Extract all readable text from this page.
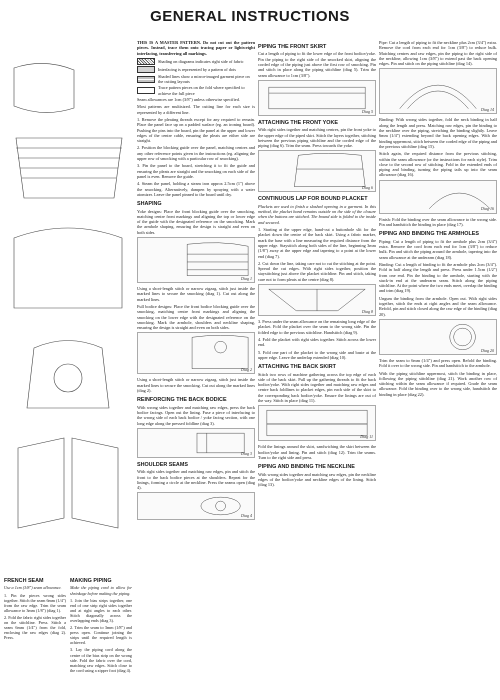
GENERAL INSTRUCTIONS

THIS IS A MASTER PATTERN. Do not cut out the pattern pieces. Instead, trace them onto tracing paper or lightweight interfacing, transferring all markings.

Shading on diagrams indicates right side of fabric
Interfacing is represented by a pattern of dots
Shaded lines show a mirror-imaged garment piece on the cutting layouts
Trace pattern pieces on the fold where specified to achieve the full piece

Seam allowances are 1cm (3/8") unless otherwise specified.

Most patterns are multisized. The cutting line for each size is represented by a different line.

1. Remove the pleating threads except for any required to remain. Place the panel face up on a padded surface (eg. an ironing board). Pushing the pins into the board, pin the panel at the upper and lower edges of the centre cable, ensuring the pleats are either side are straight.

2. Position the blocking guide over the panel, matching centres and any other reference points given in the instructions (eg. aligning the upper row of smocking with a particular row of smocking).

3. Pin the panel to the board, stretching it to fit the guide and ensuring the pleats are straight and the smocking on each side of the panel is even. Remove the guide.

4. Steam the panel, holding a steam iron approx 2.5cm (1") above the smocking. Alternatively, dampen by spraying with a water atomizer. Leave the panel pinned to the board until dry.

SHAPING

Yoke designs: Place the front blocking guide over the smocking, matching centre front markings and aligning the top or lower edge of the guide with the designated reference on the smocking. Mark the armhole shaping, ensuring the design is straight and even on both sides.

Diag 1

Using a short-length stitch or narrow zigzag, stitch just inside the marked lines to secure the smocking (diag 1). Cut out along the marked lines.

Full bodice designs: Place the front bodice blocking guide over the smocking, matching centre front markings and aligning the smocking on the lower edge with the designated reference on the smocking. Mark the armhole, shoulders and neckline shaping, ensuring the design is straight and even on both sides.

Diag 2

Using a short-length stitch or narrow zigzag, stitch just inside the marked lines to secure the smocking. Cut out along the marked lines (diag 2).

REINFORCING THE BACK BODICE

With wrong sides together and matching raw edges, press the back bodice facings. Open out the lining. Fuse a piece of interfacing to the wrong side of each back bodice / yoke facing section, with one long edge along the pressed foldline (diag 3).

Diag 3
SHOULDER SEAMS

With right sides together and matching raw edges, pin and stitch the front to the back bodice pieces at the shoulders. Repeat for the linings, forming a circle at the neckline. Press the seams open (diag 4).

Diag 4
PIPING THE FRONT SKIRT

Cut a length of piping to fit the lower edge of the front bodice/yoke. Pin the piping to the right side of the smocked skirt, aligning the corded edge of the piping just above the first row of smocking. Pin and stitch in place along the piping stitchline (diag 5). Trim the seam allowance to 1cm (3/8").

Diag 5
ATTACHING THE FRONT YOKE

With right sides together and matching centres, pin the front yoke to the upper edge of the piped skirt. Stitch the layers together, stitching between the previous piping stitchline and the corded edge of the piping (diag 6). Trim the seam. Press towards the yoke.

Diag 6
CONTINUOUS LAP FOR BOUND PLACKET

Plackets are used to finish a slashed opening in a garment. In this method, the placket band remains outside on the side of the closure when the buttons are stitched. The bound side is folded to the inside and secured.

1. Starting at the upper edge, hand-cut a buttonhole slit for the placket down the centre of the back skirt. Using a fabric marker, mark the base with a line measuring the required distance from the upper edge. Staystitch along both sides of the line, beginning 3mm (1/8") away at the upper edge and tapering to a point at the lower end (diag 7).

2. Cut down the line, taking care not to cut the stitching at the point. Spread the cut edges. With right sides together, position the staystitching just above the placket stitchline. Pin and stitch, taking care not to form pleats at the centre (diag 8).

Diag 8

3. Press under the seam allowance on the remaining long edge of the placket. Fold the placket over the seam to the wrong side. Pin the folded edge to the previous stitchline. Handstitch (diag 9).

4. Fold the placket with right sides together. Stitch across the lower end.

5. Fold one part of the placket to the wrong side and baste at the upper edge. Leave the underlap extended (diag 10).

ATTACHING THE BACK SKIRT

Stitch two rows of machine gathering across the top edge of each side of the back skirt. Pull up the gathering threads to fit the back bodice/yoke. With right sides together and matching raw edges and centre back foldlines to placket edges, pin each side of the skirt to the corresponding back bodice/yoke. Ensure the linings are out of the way. Stitch in place (diag 11).

Diag 11

Fold the linings around the skirt, sandwiching the skirt between the bodice/yoke and lining. Pin and stitch (diag 12). Trim the seams. Turn to the right side and press.

PIPING AND BINDING THE NECKLINE

With wrong sides together and matching raw edges, pin the neckline edges of the bodice/yoke and neckline edges of the lining. Stitch (diag 13).

Pipe: Cut a length of piping to fit the neckline plus 2cm (3/4") extra. Remove the cord from each end for 1cm (3/8") to reduce bulk. Matching centres and raw edges, pin the piping to the right side of the neckline, allowing 1cm (3/8") to extend past the back opening edges. Pin and stitch on the piping stitchline (diag 14).

Diag 14

Binding: With wrong sides together, fold the neck binding in half along the length and press. Matching raw edges, pin the binding to the neckline over the piping, stretching the binding slightly. Leave 6mm (1/4") extending beyond the back opening edges. With the binding uppermost, stitch between the corded edge of the piping and the previous stitchline (diag 15).

Stitch again, the required distance from the previous stitching, within the seam allowance (or the instructions for each style). Trim close to the second row of stitching. Fold in the extended ends of piping and binding, turning the piping tails up into the seam allowance (diag 16).

Diag 16

Finish: Fold the binding over the seam allowance to the wrong side. Pin and handstitch the binding in place (diag 17).

PIPING AND BINDING THE ARMHOLES

Piping: Cut a length of piping to fit the armhole plus 2cm (3/4") extra. Remove the cord from each end for 1cm (3/8") to reduce bulk. Pin and stitch the piping around the armhole, tapering into the seam allowance at the underarm (diag 18).

Binding: Cut a length of binding to fit the armhole plus 2cm (3/4"). Fold in half along the length and press. Press under 1.5cm (1/2") from one end. Pin the binding to the armhole, starting with the stuck-in end at the underarm seam. Stitch along the piping stitchline. At the point where the two ends meet, overlap the binding and trim (diag 19).

Ungum the binding from the armhole. Open out. With right sides together, stitch the ends at right angles and the seam allowance. Refold, pin and stitch closed along the raw edge of the binding (diag 20).

Diag 20

Trim the seam to 6mm (1/4") and press open. Refold the binding. Fold it over to the wrong side. Pin and handstitch to the armhole.

With the piping stitchline uppermost, stitch the binding in place, following the piping stitchline (diag 21). Work another row of stitching within the seam allowance if required. Grade the seam allowance. Fold the binding over to the wrong side, handstitch the binding in place (diag 22).

FRENCH SEAM

Use a 1cm (3/8") seam allowance.

1. Pin the pieces wrong sides together. Stitch the seam 6mm (1/4") from the raw edge. Trim the seam allowance to 3mm (1/8") (diag 1).

2. Fold the fabric right sides together on the stitchline. Press. Stitch a seam 6mm (1/4") from the fold, enclosing the raw edges (diag 2). Press.

MAKING PIPING

Make the piping cord to allow for shrinkage before making the piping.

1. Join the bias strips together, one end of one strip right sides together and at right angles to each other. Stitch diagonally across the overlapping ends (diag 3).

2. Trim the seam to 3mm (1/8") and press open. Continue joining the strips until the required length is achieved.

3. Lay the piping cord along the centre of the bias strip on the wrong side. Fold the fabric over the cord, matching raw edges. Stitch close to the cord using a zipper foot (diag 4).
